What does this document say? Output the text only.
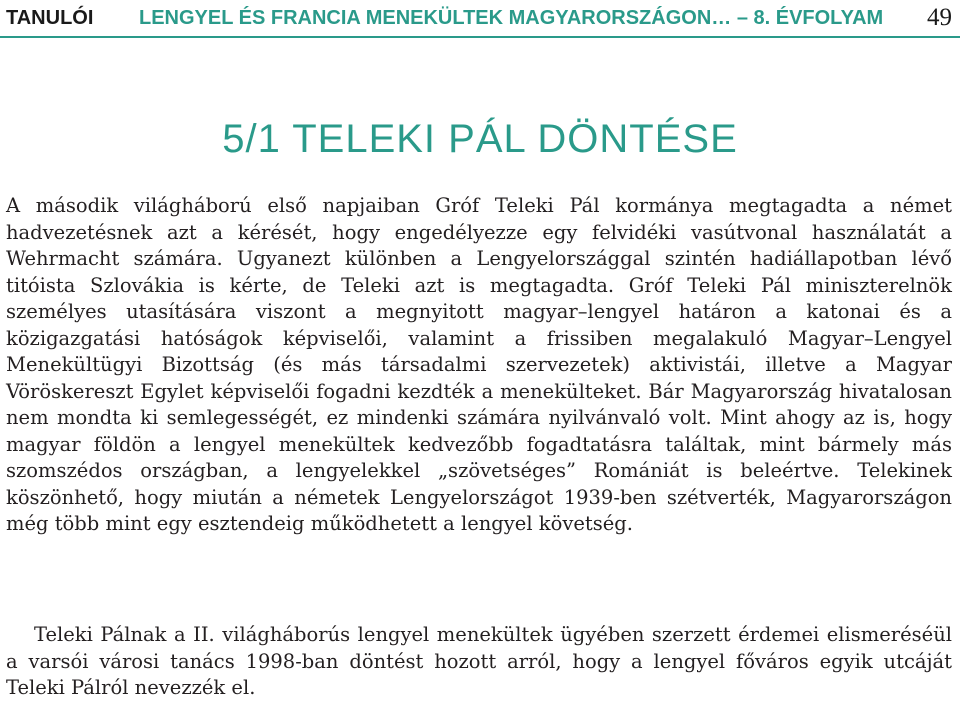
TANULÓI LENGYEL ÉS FRANCIA MENEKÜLTEK MAGYARORSZÁGON… – 8. ÉVFOLYAM 49
5/1 TELEKI PÁL DÖNTÉSE

A második világháború első napjaiban Gróf Teleki Pál kormánya megtagadta a német hadvezetésnek azt a kérését, hogy engedélyezze egy felvidéki vasútvonal használatát a Wehrmacht számára. Ugyanezt különben a Lengyelországgal szintén hadiállapotban lévő titóista Szlovákia is kérte, de Teleki azt is megtagadta. Gróf Teleki Pál miniszterelnök személyes utasítására viszont a megnyitott magyar–lengyel határon a katonai és a közigazgatási hatóságok képviselői, valamint a frissiben megalakuló Magyar–Lengyel Menekültügyi Bizottság (és más társadalmi szervezetek) aktivistái, illetve a Magyar Vöröskereszt Egylet képviselői fogadni kezdték a menekülteket. Bár Magyarország hivatalosan nem mondta ki semlegességét, ez mindenki számára nyilvánvaló volt. Mint ahogy az is, hogy magyar földön a lengyel menekültek kedvezőbb fogadtatásra találtak, mint bármely más szomszédos országban, a lengyelekkel „szövetséges” Romániát is beleértve. Telekinek köszönhető, hogy miután a németek Lengyelországot 1939-ben szétverték, Magyarországon még több mint egy esztendeig működhetett a lengyel követség.

Teleki Pálnak a II. világháborús lengyel menekültek ügyében szerzett érdemei elismeréséül a varsói városi tanács 1998-ban döntést hozott arról, hogy a lengyel főváros egyik utcáját Teleki Pálról nevezzék el.
